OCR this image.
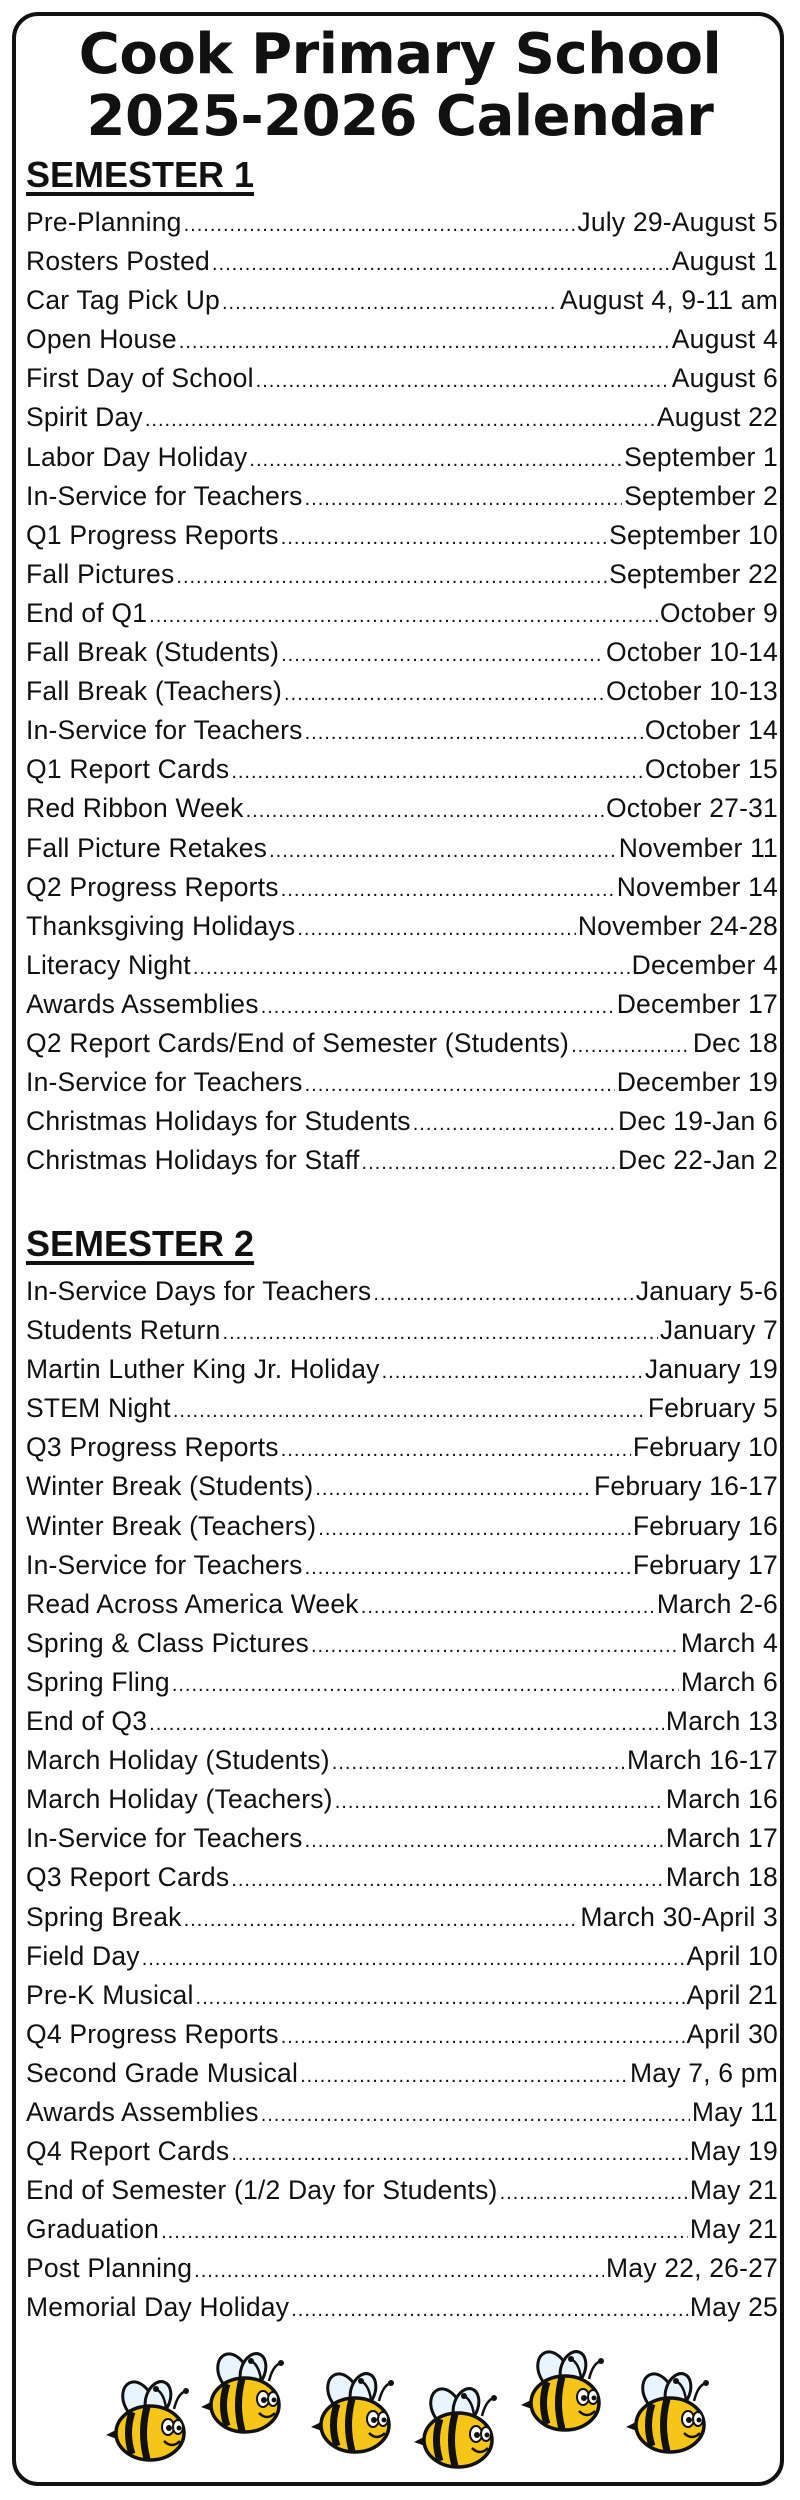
Cook Primary School
2025-2026 Calendar
SEMESTER 1
Pre-Planning .....	July 29-August 5
Rosters Posted .....	August 1
Car Tag Pick Up .....	August 4, 9-11 am
Open House .....	August 4
First Day of School .....	August 6
Spirit Day .....	August 22
Labor Day Holiday .....	September 1
In-Service for Teachers .....	September 2
Q1 Progress Reports .....	September 10
Fall Pictures .....	September 22
End of Q1 .....	October 9
Fall Break (Students) .....	October 10-14
Fall Break (Teachers) .....	October 10-13
In-Service for Teachers .....	October 14
Q1 Report Cards .....	October 15
Red Ribbon Week .....	October 27-31
Fall Picture Retakes .....	November 11
Q2 Progress Reports .....	November 14
Thanksgiving Holidays .....	November 24-28
Literacy Night .....	December 4
Awards Assemblies .....	December 17
Q2 Report Cards/End of Semester (Students) .....	Dec 18
In-Service for Teachers .....	December 19
Christmas Holidays for Students .....	Dec 19-Jan 6
Christmas Holidays for Staff .....	Dec 22-Jan 2
SEMESTER 2
In-Service Days for Teachers .....	January 5-6
Students Return .....	January 7
Martin Luther King Jr. Holiday .....	January 19
STEM Night .....	February 5
Q3 Progress Reports .....	February 10
Winter Break (Students) .....	February 16-17
Winter Break (Teachers) .....	February 16
In-Service for Teachers .....	February 17
Read Across America Week .....	March 2-6
Spring & Class Pictures .....	March 4
Spring Fling .....	March 6
End of Q3 .....	March 13
March Holiday (Students) .....	March 16-17
March Holiday (Teachers) .....	March 16
In-Service for Teachers .....	March 17
Q3 Report Cards .....	March 18
Spring Break .....	March 30-April 3
Field Day .....	April 10
Pre-K Musical .....	April 21
Q4 Progress Reports .....	April 30
Second Grade Musical .....	May 7, 6 pm
Awards Assemblies .....	May 11
Q4 Report Cards .....	May 19
End of Semester (1/2 Day for Students) .....	May 21
Graduation .....	May 21
Post Planning .....	May 22, 26-27
Memorial Day Holiday .....	May 25
